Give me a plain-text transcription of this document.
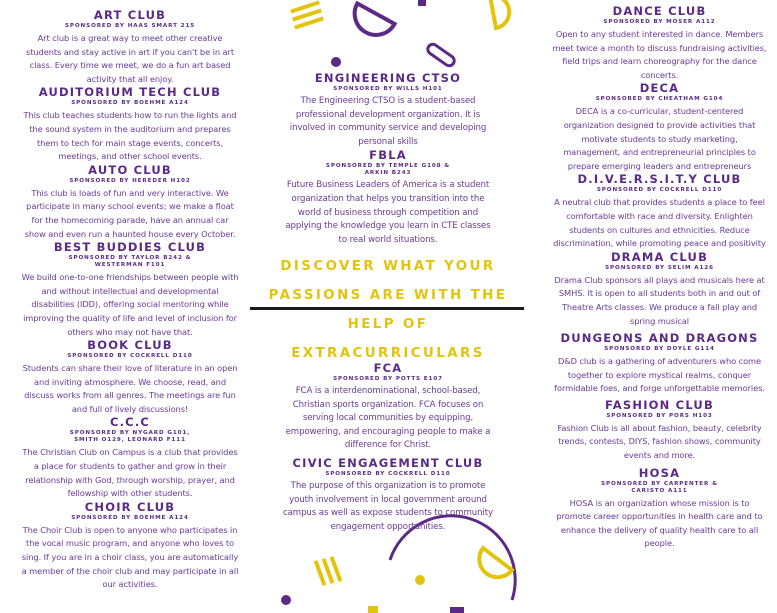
ART CLUB

SPONSORED BY HAAS SMART 215

Art club is a great way to meet other creative students and stay active in art if you can't be in art class. Every time we meet, we do a fun art based activity that all enjoy.

AUDITORIUM TECH CLUB

SPONSORED BY BOEHME A124

This club teaches students how to run the lights and the sound system in the auditorium and prepares them to tech for main stage events, concerts, meetings, and other school events.

AUTO CLUB

SPONSORED BY HEREDER H102

This club is loads of fun and very interactive. We participate in many school events; we make a float for the homecoming parade, have an annual car show and even run a haunted house every October.

BEST BUDDIES CLUB

SPONSORED BY TAYLOR B242 &
WESTERMAN F101

We build one-to-one friendships between people with and without intellectual and developmental disabilities (IDD), offering social mentoring while improving the quality of life and level of inclusion for others who may not have that.

BOOK CLUB

SPONSORED BY COCKRELL D110

Students can share their love of literature in an open and inviting atmosphere. We choose, read, and discuss works from all genres. The meetings are fun and full of lively discussions!

C.C.C

SPONSORED BY NYGARD G101,
SMITH O129, LEONARD F111

The Christian Club on Campus is a club that provides a place for students to gather and grow in their relationship with God, through worship, prayer, and fellowship with other students.

CHOIR CLUB

SPONSORED BY BOEHME A124

The Choir Club is open to anyone who participates in the vocal music program, and anyone who loves to sing. If you are in a choir class, you are automatically a member of the choir club and may participate in all our activities.

ENGINEERING CTSO

SPONSORED BY WILLS H101

The Engineering CTSO is a student-based professional development organization. It is involved in community service and developing personal skills

FBLA

SPONSORED BY TEMPLE G108 &
ARKIN B243

Future Business Leaders of America is a student organization that helps you transition into the world of business through competition and applying the knowledge you learn in CTE classes to real world situations.

DISCOVER WHAT YOUR
PASSIONS ARE WITH THE
HELP OF
EXTRACURRICULARS

FCA

SPONSORED BY POTTS E107

FCA is a interdenominational, school-based, Christian sports organization. FCA focuses on serving local communities by equipping, empowering, and encouraging people to make a difference for Christ.

CIVIC ENGAGEMENT CLUB

SPONSORED BY COCKRELL D110

The purpose of this organization is to promote youth involvement in local government around campus as well as expose students to community engagement opportunities.

DANCE CLUB

SPONSORED BY MOSER A112

Open to any student interested in dance. Members meet twice a month to discuss fundraising activities, field trips and learn choreography for the dance concerts.

DECA

SPONSORED BY CHEATHAM G104

DECA is a co-curricular, student-centered organization designed to provide activities that motivate students to study marketing, management, and entrepreneurial principles to prepare emerging leaders and entrepreneurs

D.I.V.E.R.S.I.T.Y CLUB

SPONSORED BY COCKRELL D110

A neutral club that provides students a place to feel comfortable with race and diversity. Enlighten students on cultures and ethnicities. Reduce discrimination, while promoting peace and positivity

DRAMA CLUB

SPONSORED BY SELIM A126

Drama Club sponsors all plays and musicals here at SMHS. It is open to all students both in and out of Theatre Arts classes. We produce a fall play and spring musical

DUNGEONS AND DRAGONS

SPONSORED BY DOYLE G114

D&D club is a gathering of adventurers who come together to explore mystical realms, conquer formidable foes, and forge unforgettable memories.

FASHION CLUB

SPONSORED BY PORS H103

Fashion Club is all about fashion, beauty, celebrity trends, contests, DIYS, fashion shows, community events and more.

HOSA

SPONSORED BY CARPENTER &
CARISTO A111

HOSA is an organization whose mission is to promote career opportunities in health care and to enhance the delivery of quality health care to all people.
